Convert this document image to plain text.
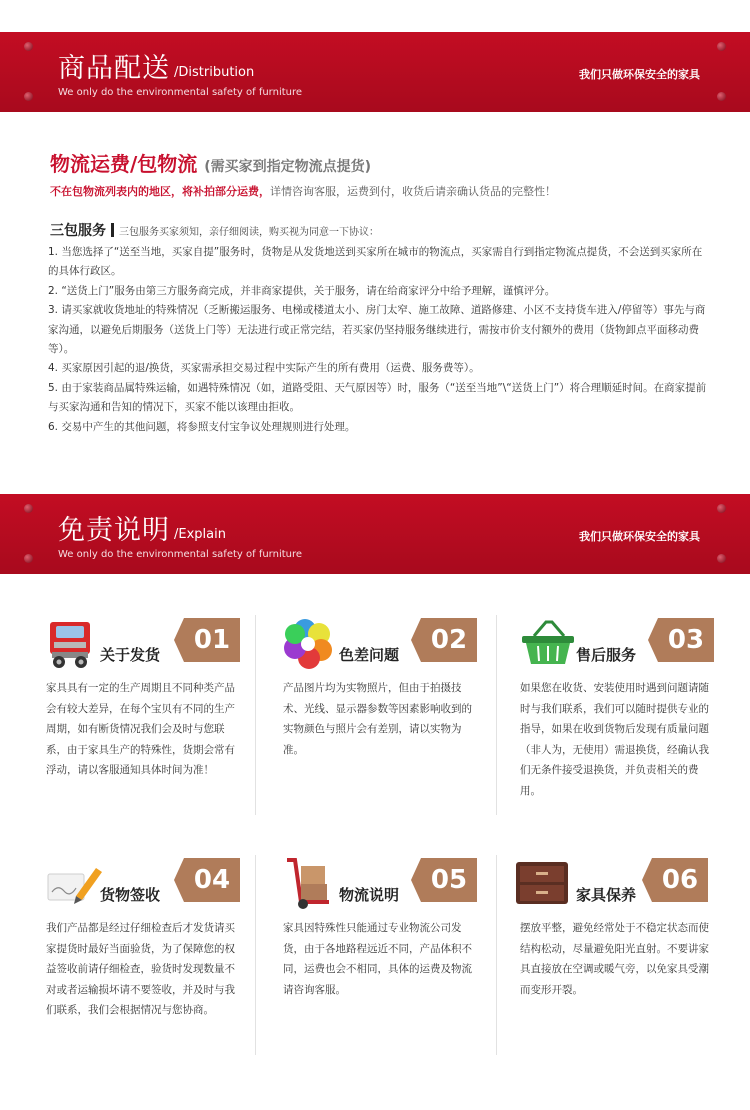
商品配送 /Distribution
We only do the environmental safety of furniture
我们只做环保安全的家具
物流运费/包物流 (需买家到指定物流点提货)
不在包物流列表内的地区，将补拍部分运费，详情咨询客服，运费到付，收货后请亲确认货品的完整性！
三包服务 三包服务买家须知，亲仔细阅读，购买视为同意一下协议：

1. 当您选择了“送至当地，买家自提”服务时，货物是从发货地送到买家所在城市的物流点，买家需自行到指定物流点提货，不会送到买家所在的具体行政区。

2. “送货上门”服务由第三方服务商完成，并非商家提供，关于服务，请在给商家评分中给予理解，谨慎评分。

3. 请买家就收货地址的特殊情况（乏断搬运服务、电梯或楼道太小、房门太窄、施工故障、道路修建、小区不支持货车进入/停留等）事先与商家沟通，以避免后期服务（送货上门等）无法进行或正常完结，若买家仍坚持服务继续进行，需按市价支付额外的费用（货物卸点平面移动费等）。

4. 买家原因引起的退/换货，买家需承担交易过程中实际产生的所有费用（运费、服务费等）。

5. 由于家装商品属特殊运输，如遇特殊情况（如，道路受阻、天气原因等）时，服务（“送至当地”\“送货上门”）将合理顺延时间。在商家提前与买家沟通和告知的情况下，买家不能以该理由拒收。

6. 交易中产生的其他问题，将参照支付宝争议处理规则进行处理。

免责说明 /Explain
We only do the environmental safety of furniture
我们只做环保安全的家具
关于发货	01
家具具有一定的生产周期且不同种类产品会有较大差异，在每个宝贝有不同的生产周期，如有断货情况我们会及时与您联系，由于家具生产的特殊性，货期会常有浮动，请以客服通知具体时间为准！
色差问题	02
产品图片均为实物照片，但由于拍摄技术、光线、显示器参数等因素影响收到的实物颜色与照片会有差别，请以实物为准。
售后服务	03
如果您在收货、安装使用时遇到问题请随时与我们联系，我们可以随时提供专业的指导，如果在收到货物后发现有质量问题（非人为，无使用）需退换货，经确认我们无条件接受退换货，并负责相关的费用。
货物签收	04
我们产品都是经过仔细检查后才发货请买家提货时最好当面验货，为了保障您的权益签收前请仔细检查，验货时发现数量不对或者运输损坏请不要签收，并及时与我们联系，我们会根据情况与您协商。
物流说明	05
家具因特殊性只能通过专业物流公司发货，由于各地路程远近不同，产品体积不同，运费也会不相同，具体的运费及物流请咨询客服。
家具保养 06
摆放平整，避免经常处于不稳定状态而使结构松动，尽量避免阳光直射。不要讲家具直接放在空调或暖气旁，以免家具受潮而变形开裂。
